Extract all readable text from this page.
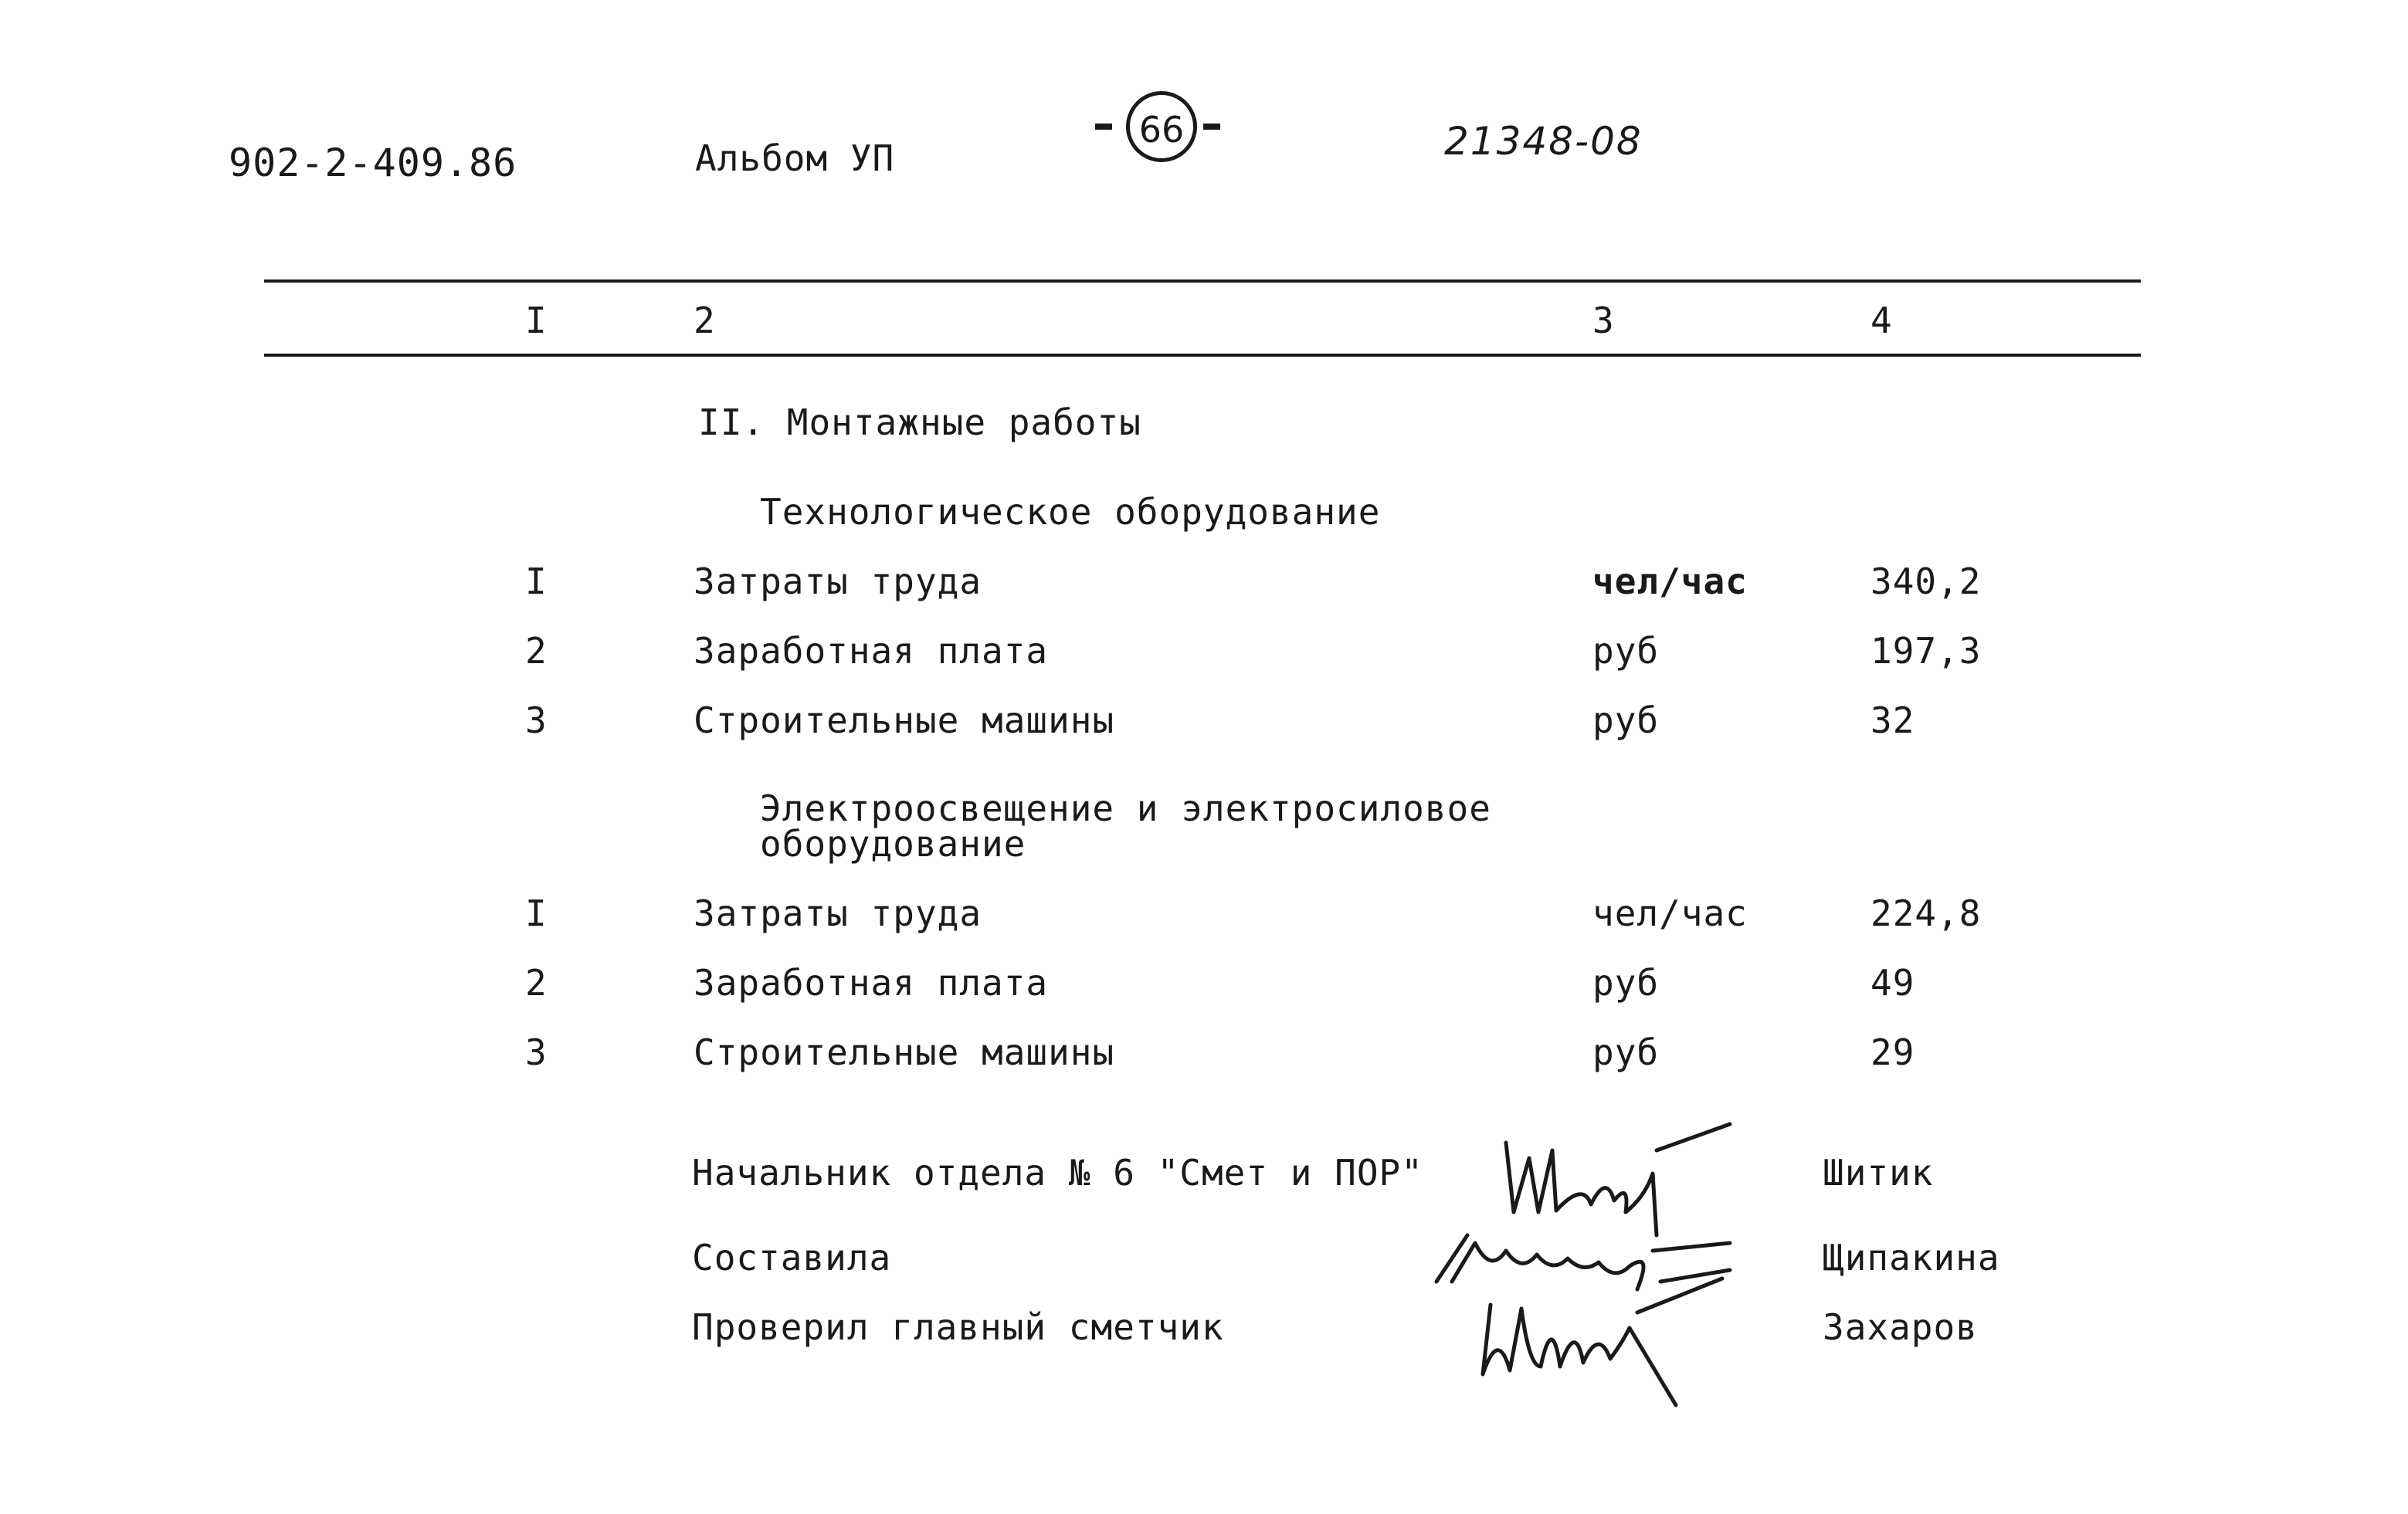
902-2-409.86	Альбом УП
66	21348-08
I	2	3	4
II. Монтажные работы
Технологическое оборудование
I	Затраты труда	чел/час	340,2
2	Заработная плата	руб	197,3
3	Строительные машины	руб	32
Электроосвещение и электросиловое
оборудование
I	Затраты труда	чел/час	224,8
2	Заработная плата	руб	49
3	Строительные машины	руб	29
Начальник отдела № 6 "Смет и ПОР"	Шитик
Составила	Щипакина
Проверил главный сметчик	Захаров
